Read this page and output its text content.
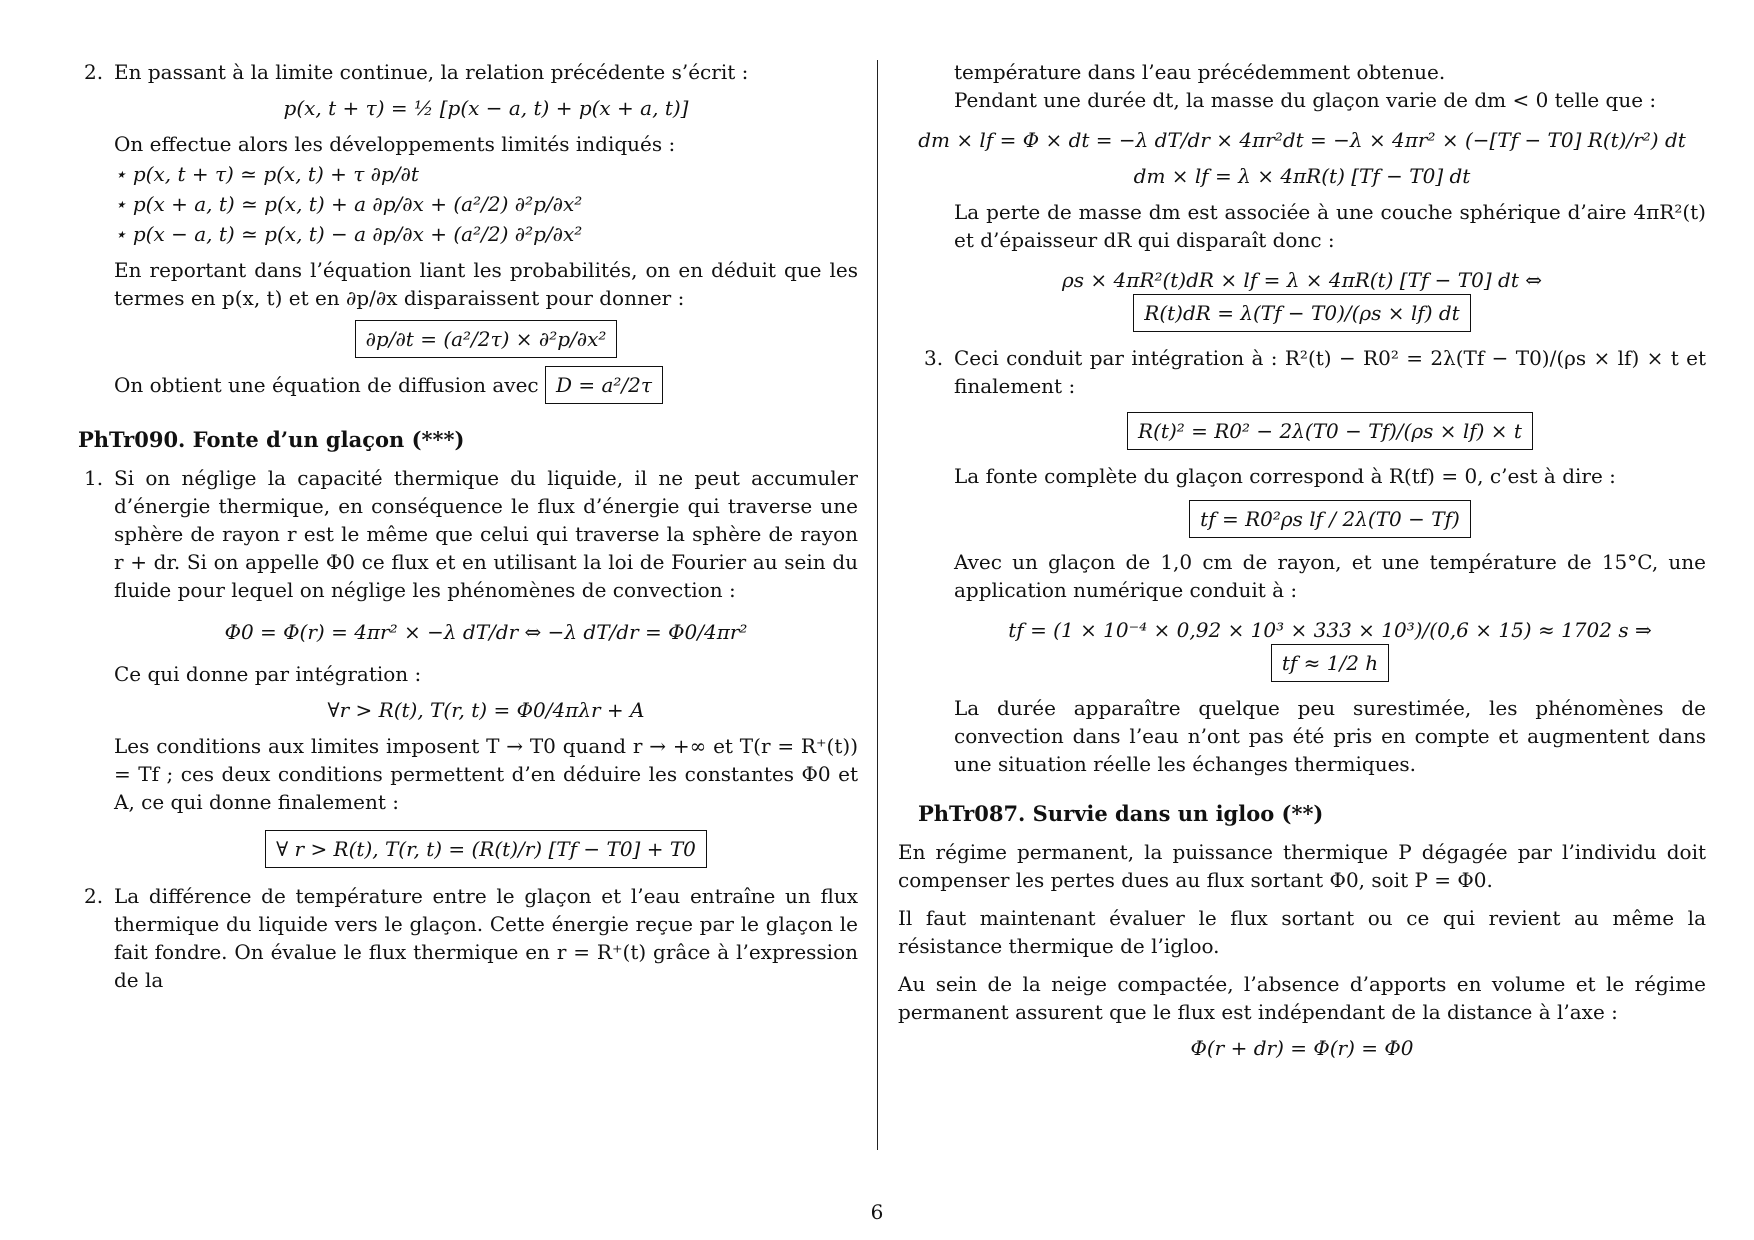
2. En passant à la limite continue, la relation précédente s’écrit :

p(x, t + τ) = ½ [p(x − a, t) + p(x + a, t)]

On effectue alors les développements limités indiqués :

⋆ p(x, t + τ) ≃ p(x, t) + τ ∂p/∂t
⋆ p(x + a, t) ≃ p(x, t) + a ∂p/∂x + (a²/2) ∂²p/∂x²
⋆ p(x − a, t) ≃ p(x, t) − a ∂p/∂x + (a²/2) ∂²p/∂x²

En reportant dans l’équation liant les probabilités, on en déduit que les termes en p(x, t) et en ∂p/∂x disparaissent pour donner :

∂p/∂t = (a²/2τ) × ∂²p/∂x²

On obtient une équation de diffusion avec D = a²/2τ

PhTr090. Fonte d’un glaçon (***)
1. Si on néglige la capacité thermique du liquide, il ne peut accumuler d’énergie thermique, en conséquence le flux d’énergie qui traverse une sphère de rayon r est le même que celui qui traverse la sphère de rayon r + dr. Si on appelle Φ0 ce flux et en utilisant la loi de Fourier au sein du fluide pour lequel on néglige les phénomènes de convection :

Φ0 = Φ(r) = 4πr² × −λ dT/dr ⇔ −λ dT/dr = Φ0/4πr²

Ce qui donne par intégration :

∀r > R(t), T(r, t) = Φ0/4πλr + A

Les conditions aux limites imposent T → T0 quand r → +∞ et T(r = R⁺(t)) = Tf ; ces deux conditions permettent d’en déduire les constantes Φ0 et A, ce qui donne finalement :

∀ r > R(t), T(r, t) = (R(t)/r) [Tf − T0] + T0
2. La différence de température entre le glaçon et l’eau entraîne un flux thermique du liquide vers le glaçon. Cette énergie reçue par le glaçon le fait fondre. On évalue le flux thermique en r = R⁺(t) grâce à l’expression de la

température dans l’eau précédemment obtenue.

Pendant une durée dt, la masse du glaçon varie de dm < 0 telle que :

dm × lf = Φ × dt = −λ dT/dr × 4πr²dt = −λ × 4πr² × (−[Tf − T0] R(t)/r²) dt
dm × lf = λ × 4πR(t) [Tf − T0] dt

La perte de masse dm est associée à une couche sphérique d’aire 4πR²(t) et d’épaisseur dR qui disparaît donc :

ρs × 4πR²(t)dR × lf = λ × 4πR(t) [Tf − T0] dt ⇔ R(t)dR = λ(Tf − T0)/(ρs × lf) dt
3. Ceci conduit par intégration à : R²(t) − R0² = 2λ(Tf − T0)/(ρs × lf) × t et finalement :

R(t)² = R0² − 2λ(T0 − Tf)/(ρs × lf) × t

La fonte complète du glaçon correspond à R(tf) = 0, c’est à dire :

tf = R0²ρs lf / 2λ(T0 − Tf)

Avec un glaçon de 1,0 cm de rayon, et une température de 15°C, une application numérique conduit à :

tf = (1 × 10⁻⁴ × 0,92 × 10³ × 333 × 10³)/(0,6 × 15) ≈ 1702 s ⇒ tf ≈ 1/2 h

La durée apparaître quelque peu surestimée, les phénomènes de convection dans l’eau n’ont pas été pris en compte et augmentent dans une situation réelle les échanges thermiques.

PhTr087. Survie dans un igloo (**)

En régime permanent, la puissance thermique P dégagée par l’individu doit compenser les pertes dues au flux sortant Φ0, soit P = Φ0.

Il faut maintenant évaluer le flux sortant ou ce qui revient au même la résistance thermique de l’igloo.

Au sein de la neige compactée, l’absence d’apports en volume et le régime permanent assurent que le flux est indépendant de la distance à l’axe :

Φ(r + dr) = Φ(r) = Φ0
6
